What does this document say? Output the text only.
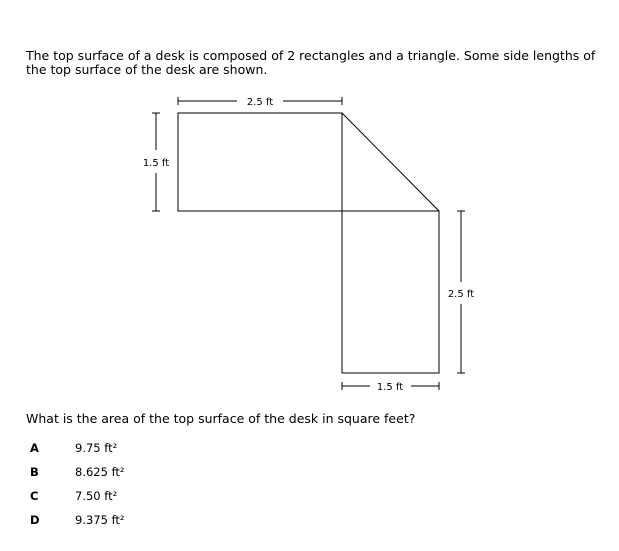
The top surface of a desk is composed of 2 rectangles and a triangle. Some side lengths of the top surface of the desk are shown.

2.5 ft
1.5 ft
2.5 ft
1.5 ft

What is the area of the top surface of the desk in square feet?

A	9.75 ft²
B	8.625 ft²
C	7.50 ft²
D	9.375 ft²
